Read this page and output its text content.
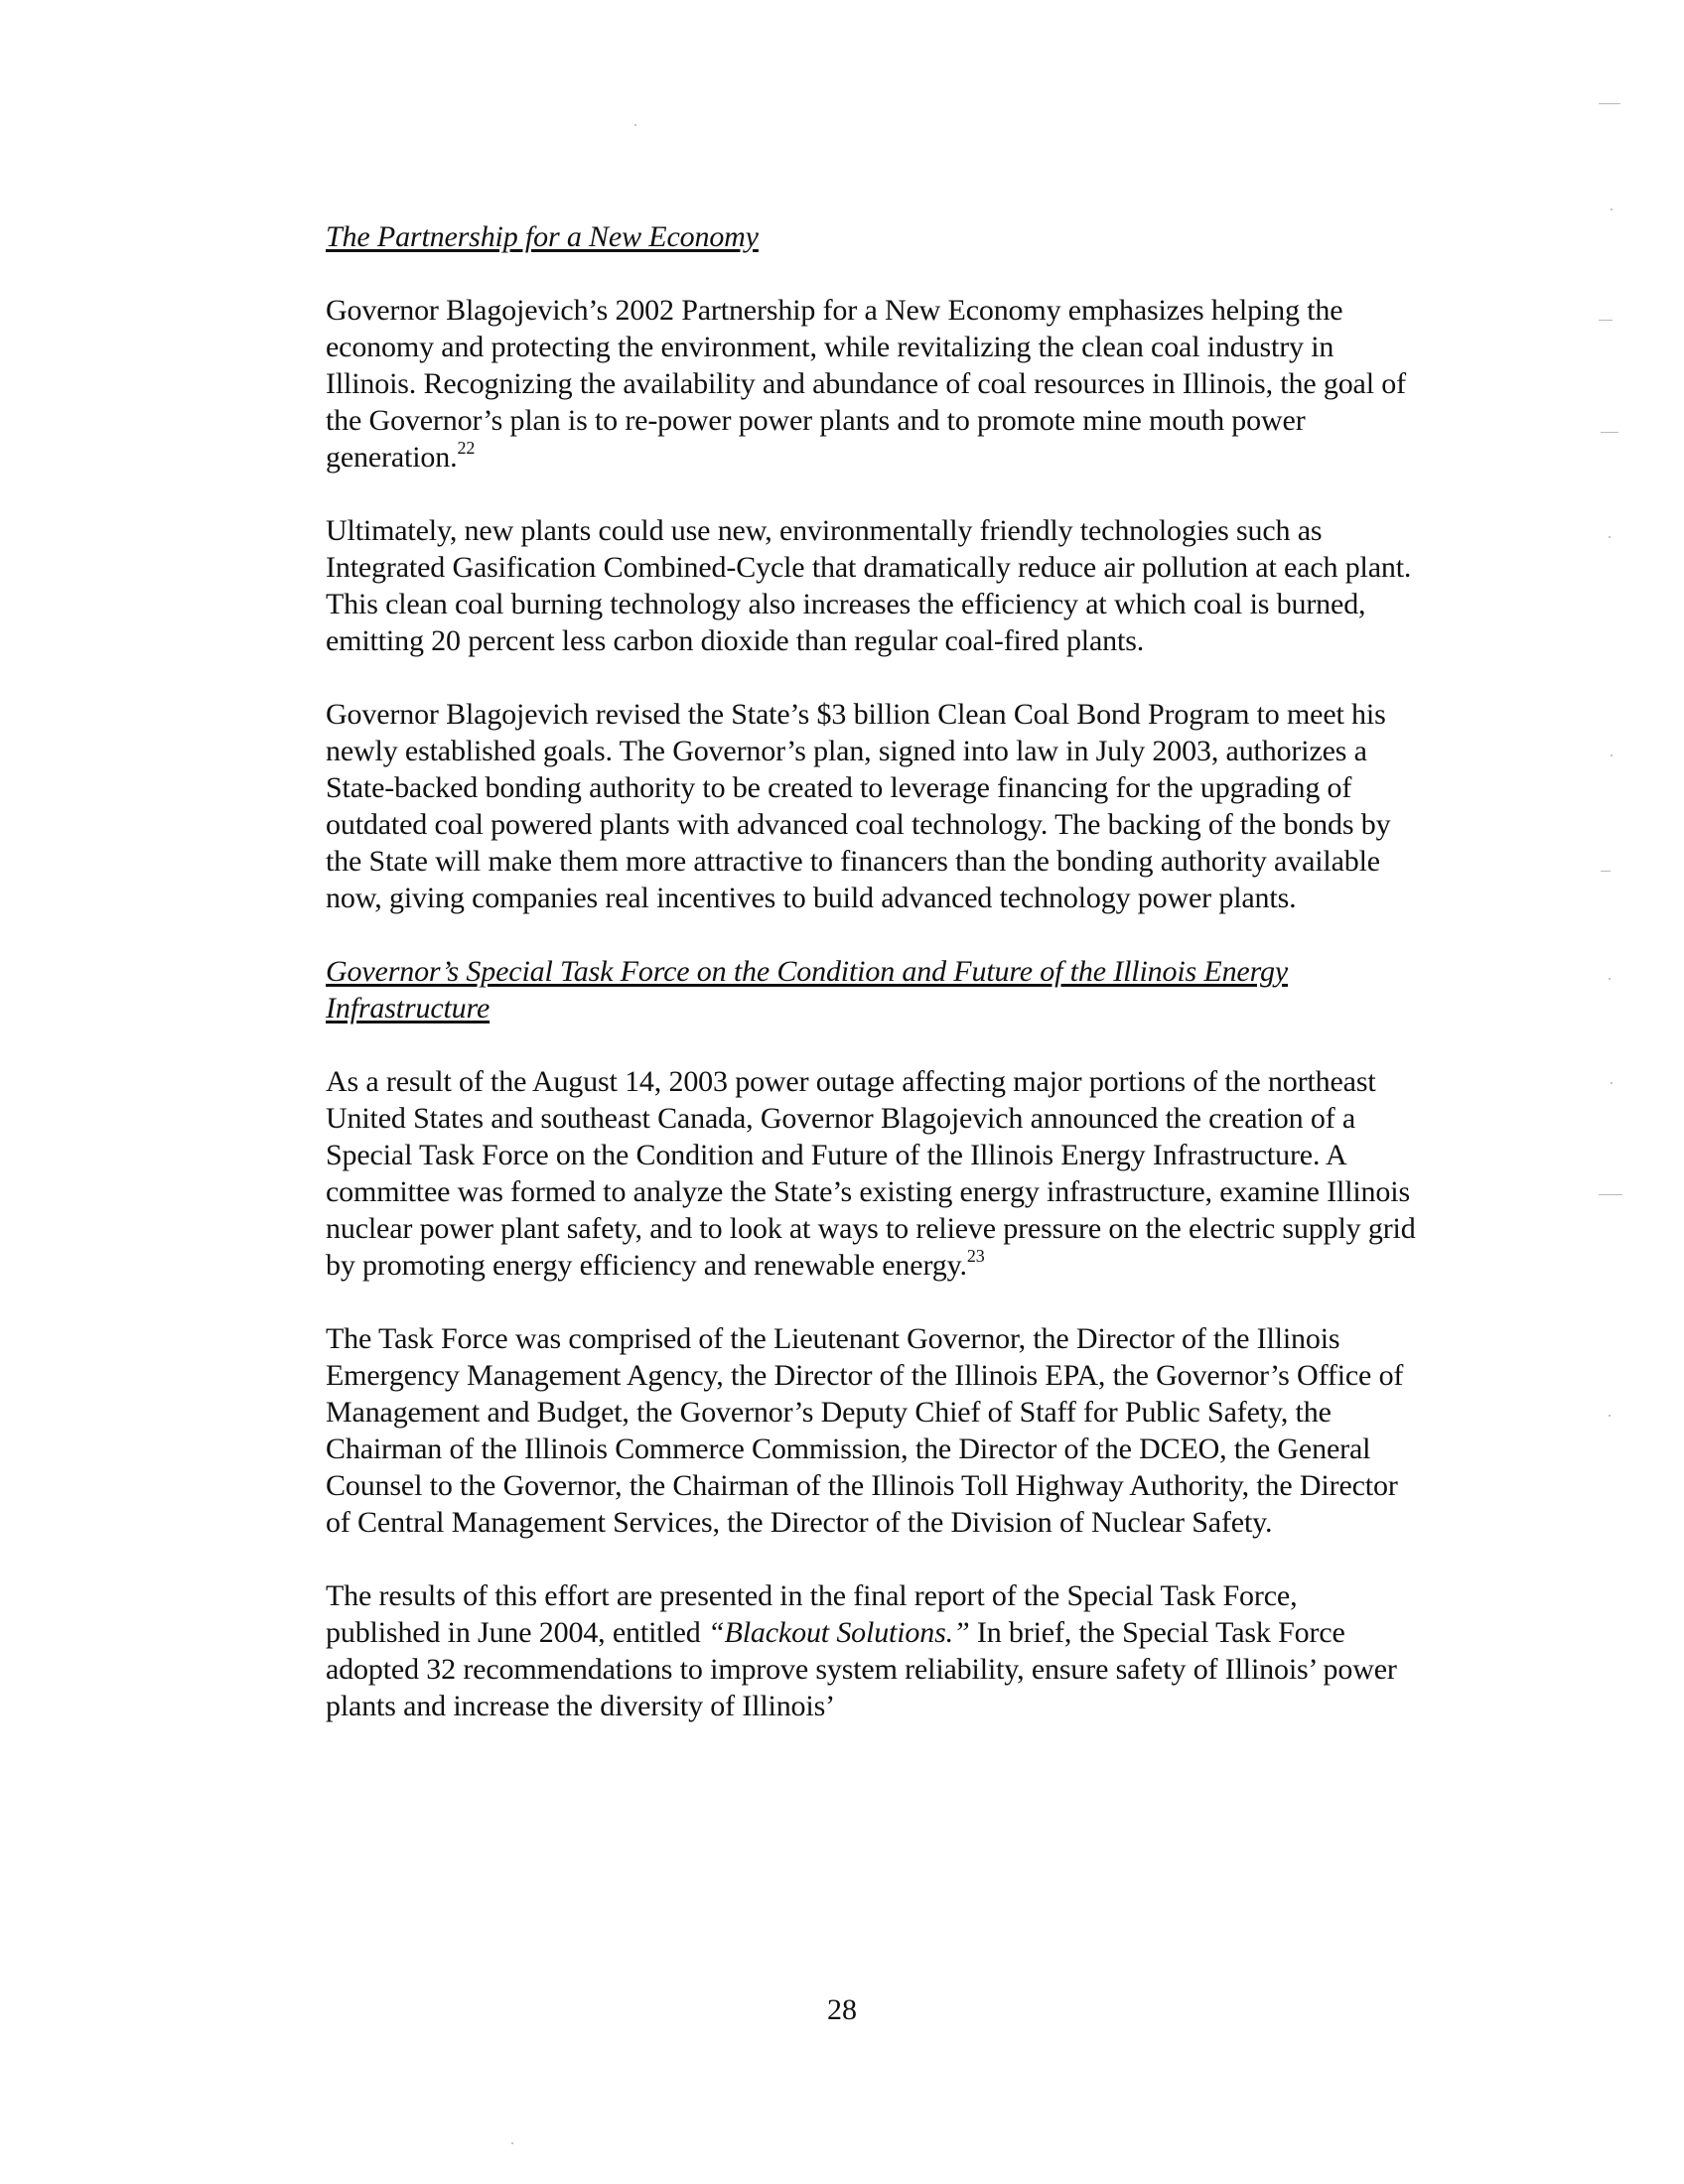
The Partnership for a New Economy

Governor Blagojevich’s 2002 Partnership for a New Economy emphasizes helping the economy and protecting the environment, while revitalizing the clean coal industry in Illinois. Recognizing the availability and abundance of coal resources in Illinois, the goal of the Governor’s plan is to re-power power plants and to promote mine mouth power generation.$^{22}$

Ultimately, new plants could use new, environmentally friendly technologies such as Integrated Gasification Combined-Cycle that dramatically reduce air pollution at each plant. This clean coal burning technology also increases the efficiency at which coal is burned, emitting 20 percent less carbon dioxide than regular coal-fired plants.

Governor Blagojevich revised the State’s $3 billion Clean Coal Bond Program to meet his newly established goals. The Governor’s plan, signed into law in July 2003, authorizes a State-backed bonding authority to be created to leverage financing for the upgrading of outdated coal powered plants with advanced coal technology. The backing of the bonds by the State will make them more attractive to financers than the bonding authority available now, giving companies real incentives to build advanced technology power plants.

Governor’s Special Task Force on the Condition and Future of the Illinois Energy Infrastructure

As a result of the August 14, 2003 power outage affecting major portions of the northeast United States and southeast Canada, Governor Blagojevich announced the creation of a Special Task Force on the Condition and Future of the Illinois Energy Infrastructure. A committee was formed to analyze the State’s existing energy infrastructure, examine Illinois nuclear power plant safety, and to look at ways to relieve pressure on the electric supply grid by promoting energy efficiency and renewable energy.$^{23}$

The Task Force was comprised of the Lieutenant Governor, the Director of the Illinois Emergency Management Agency, the Director of the Illinois EPA, the Governor’s Office of Management and Budget, the Governor’s Deputy Chief of Staff for Public Safety, the Chairman of the Illinois Commerce Commission, the Director of the DCEO, the General Counsel to the Governor, the Chairman of the Illinois Toll Highway Authority, the Director of Central Management Services, the Director of the Division of Nuclear Safety.

The results of this effort are presented in the final report of the Special Task Force, published in June 2004, entitled “Blackout Solutions.” In brief, the Special Task Force adopted 32 recommendations to improve system reliability, ensure safety of Illinois’ power plants and increase the diversity of Illinois’

28
